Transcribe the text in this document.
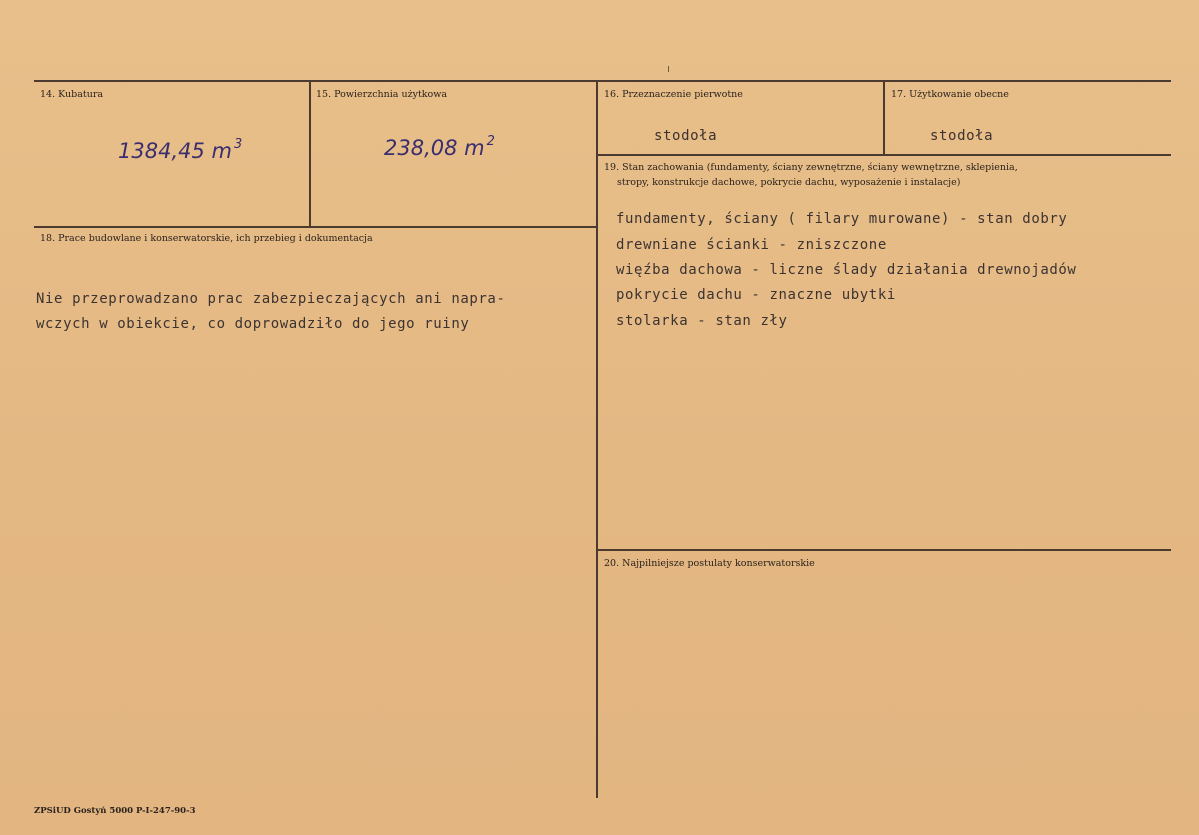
14. Kubatura
1384,45 m $^3$
15. Powierzchnia użytkowa
238,08 m $^2$
16. Przeznaczenie pierwotne
stodoła
17. Użytkowanie obecne
stodoła
18. Prace budowlane i konserwatorskie, ich przebieg i dokumentacja
Nie przeprowadzano prac zabezpieczających ani napra-
wczych w obiekcie, co doprowadziło do jego ruiny
19. Stan zachowania (fundamenty, ściany zewnętrzne, ściany wewnętrzne, sklepienia,
stropy, konstrukcje dachowe, pokrycie dachu, wyposażenie i instalacje)
fundamenty, ściany ( filary murowane) - stan dobry
drewniane ścianki - zniszczone
więźba dachowa - liczne ślady działania drewnojadów
pokrycie dachu - znaczne ubytki
stolarka - stan zły
20. Najpilniejsze postulaty konserwatorskie
ZPSiUD Gostyń 5000 P-I-247-90-3
